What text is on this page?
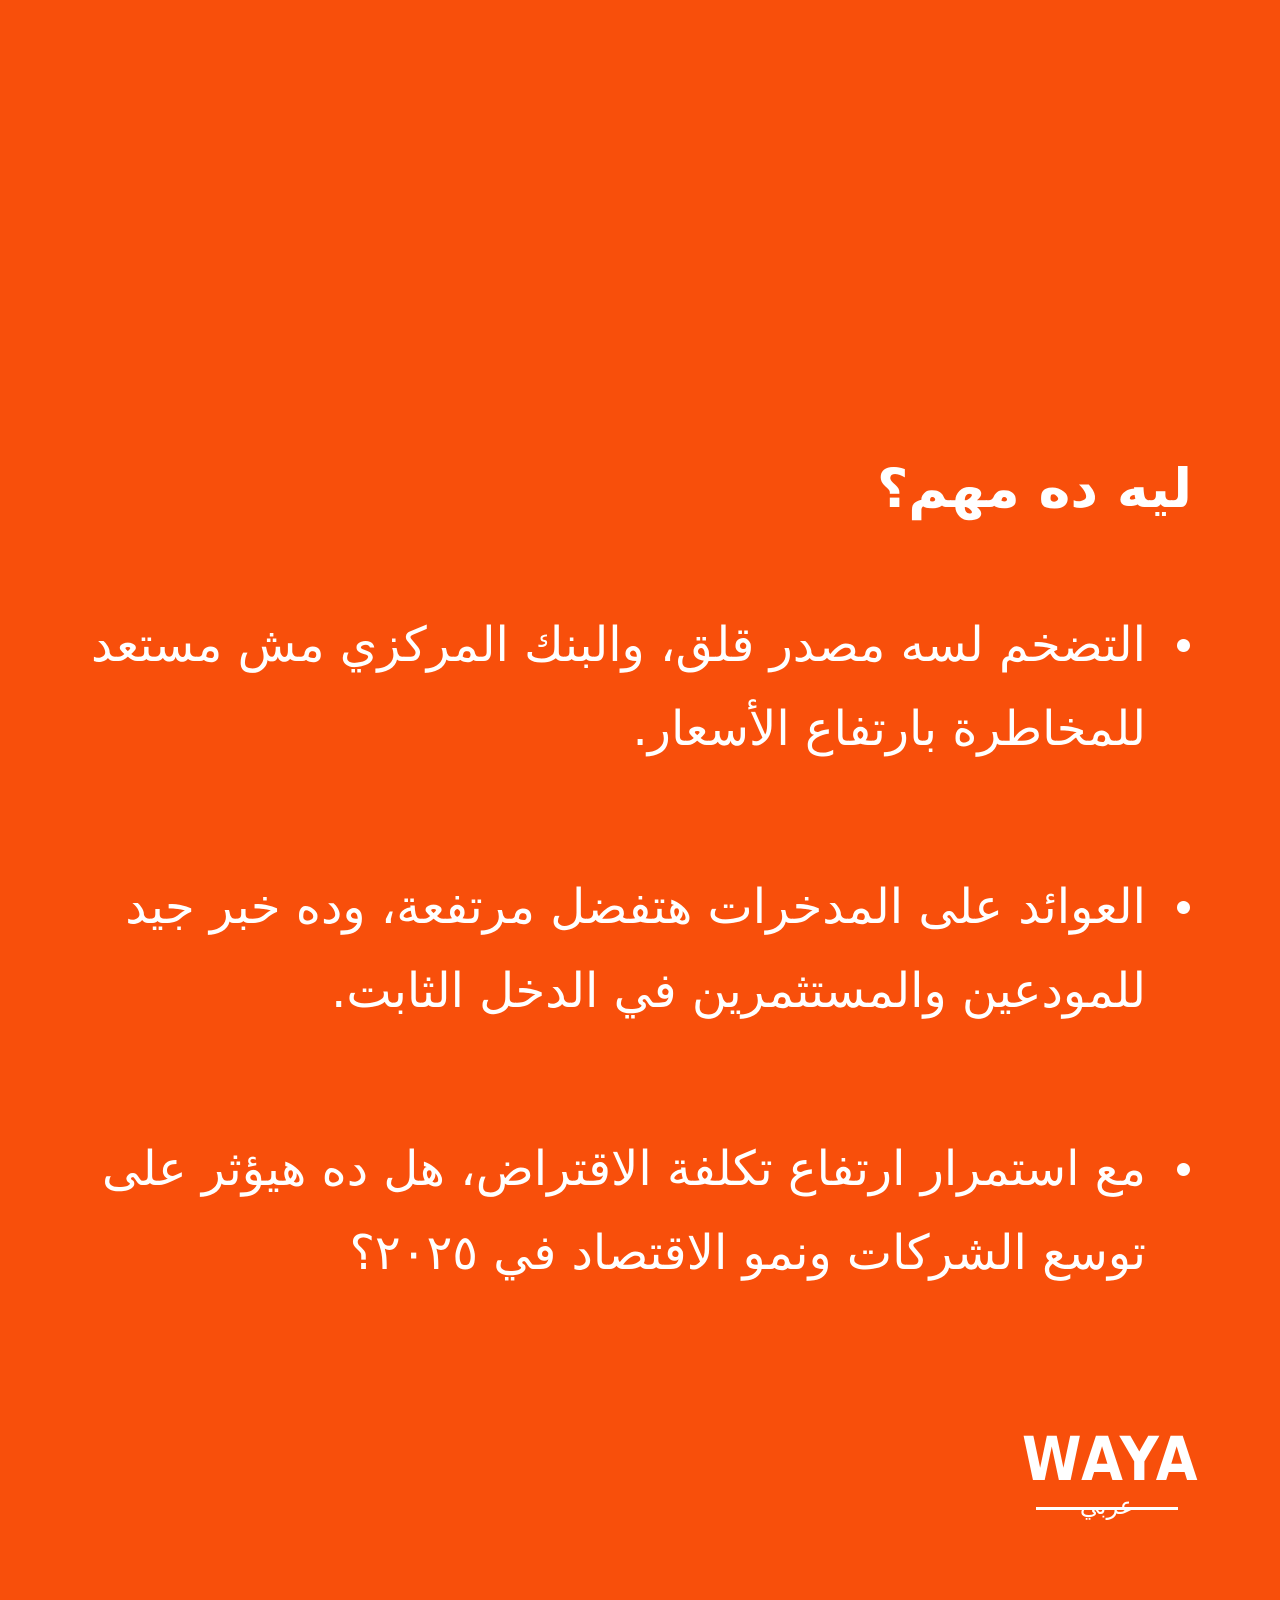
ليه ده مهم؟
التضخم لسه مصدر قلق، والبنك المركزي مش مستعد للمخاطرة بارتفاع الأسعار.
العوائد على المدخرات هتفضل مرتفعة، وده خبر جيد للمودعين والمستثمرين في الدخل الثابت.
مع استمرار ارتفاع تكلفة الاقتراض، هل ده هيؤثر على توسع الشركات ونمو الاقتصاد في ٢٠٢٥؟
WAYA
عربي
